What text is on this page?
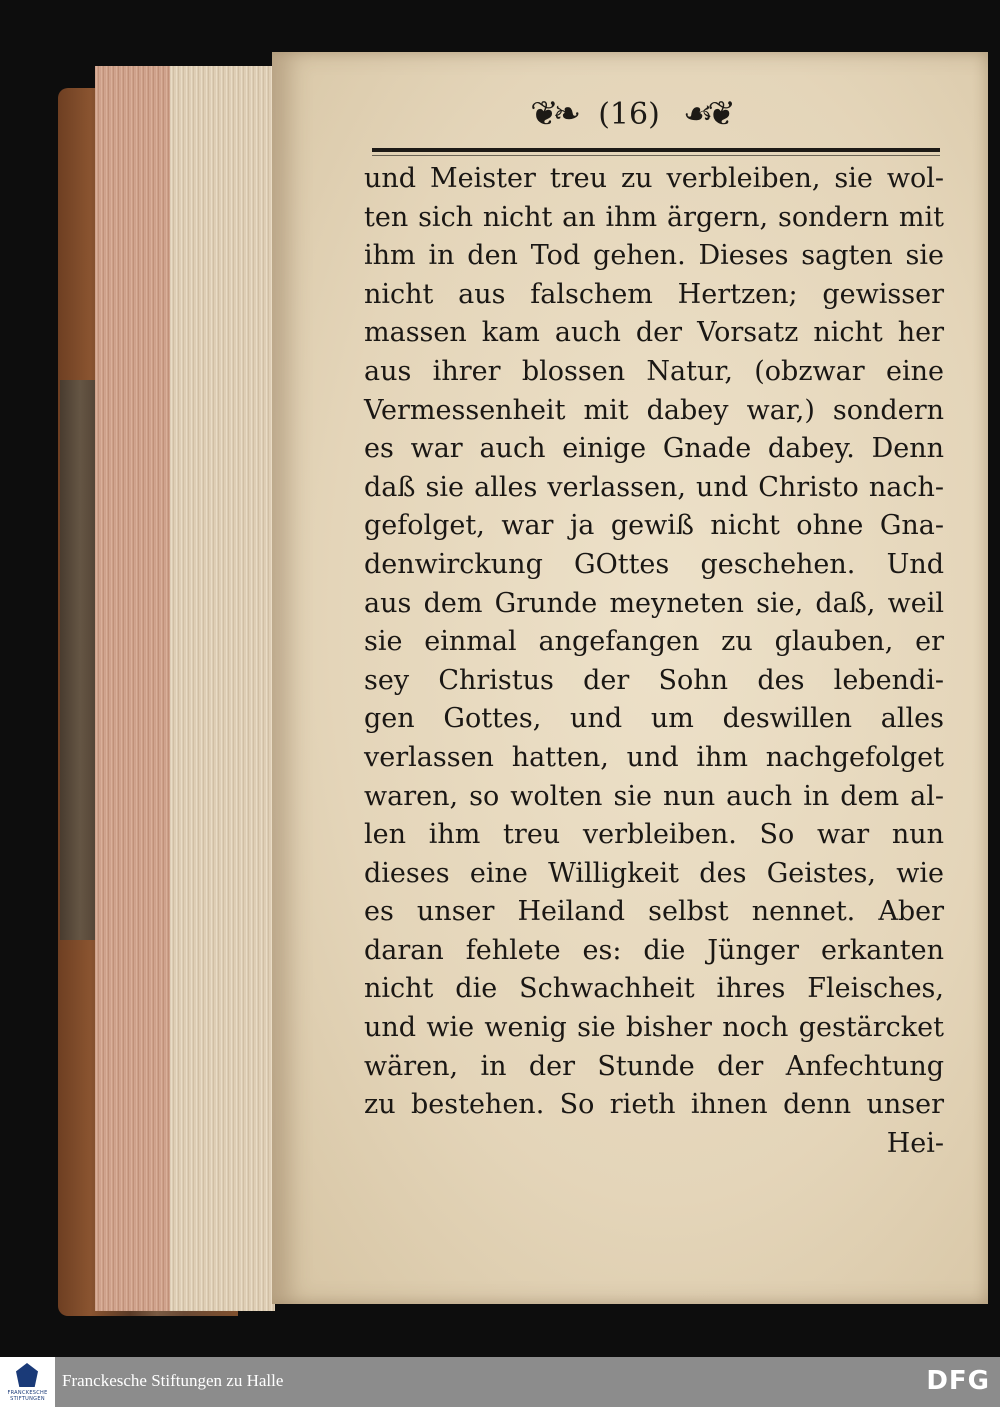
❦❧ (16) ☙❦
und Meister treu zu verbleiben, sie wol-
ten sich nicht an ihm ärgern, sondern mit
ihm in den Tod gehen. Dieses sagten sie
nicht aus falschem Hertzen; gewisser
massen kam auch der Vorsatz nicht her
aus ihrer blossen Natur, (obzwar eine
Vermessenheit mit dabey war,) sondern
es war auch einige Gnade dabey. Denn
daß sie alles verlassen, und Christo nach-
gefolget, war ja gewiß nicht ohne Gna-
denwirckung GOttes geschehen. Und
aus dem Grunde meyneten sie, daß, weil
sie einmal angefangen zu glauben, er
sey Christus der Sohn des lebendi-
gen Gottes, und um deswillen alles
verlassen hatten, und ihm nachgefolget
waren, so wolten sie nun auch in dem al-
len ihm treu verbleiben. So war nun
dieses eine Willigkeit des Geistes, wie
es unser Heiland selbst nennet. Aber
daran fehlete es: die Jünger erkanten
nicht die Schwachheit ihres Fleisches,
und wie wenig sie bisher noch gestärcket
wären, in der Stunde der Anfechtung
zu bestehen. So rieth ihnen denn unser
Hei-
FRANCKESCHE STIFTUNGEN
Franckesche Stiftungen zu Halle	DFG
